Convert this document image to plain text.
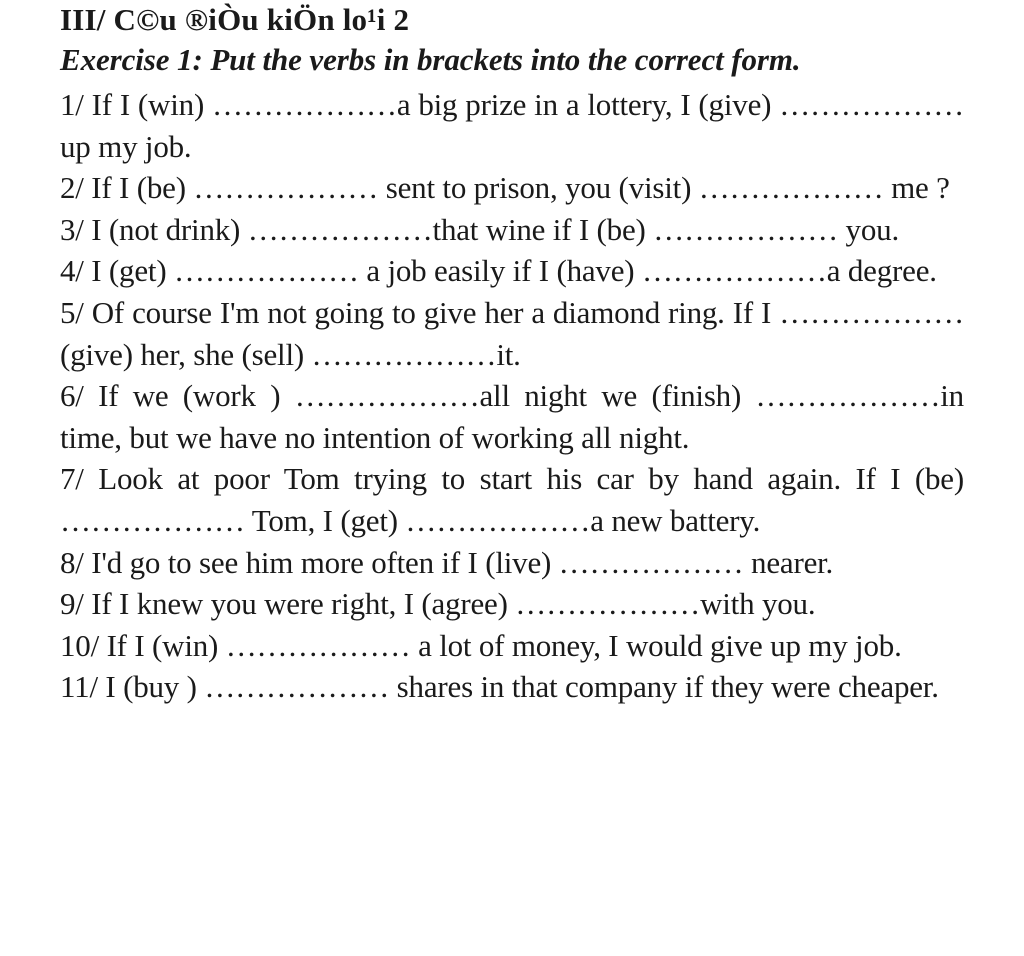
III/ C©u ®iÒu kiÖn lo¹i 2
Exercise 1: Put the verbs in brackets into the correct form.

1/ If I (win) ………………a big prize in a lottery, I (give) ……………… up my job.

2/ If I (be) ……………… sent to prison, you (visit) ……………… me ?

3/ I (not drink) ………………that wine if I (be) ……………… you.

4/ I (get) ……………… a job easily if I (have) ………………a degree.

5/ Of course I'm not going to give her a diamond ring. If I ……………… (give) her, she (sell) ………………it.

6/ If we (work ) ………………all night we (finish) ………………in time, but we have no intention of working all night.

7/ Look at poor Tom trying to start his car by hand again. If I (be) ……………… Tom, I (get) ………………a new battery.

8/ I'd go to see him more often if I (live) ……………… nearer.

9/ If I knew you were right, I (agree) ………………with you.

10/ If I (win) ……………… a lot of money, I would give up my job.

11/ I (buy ) ……………… shares in that company if they were cheaper.
